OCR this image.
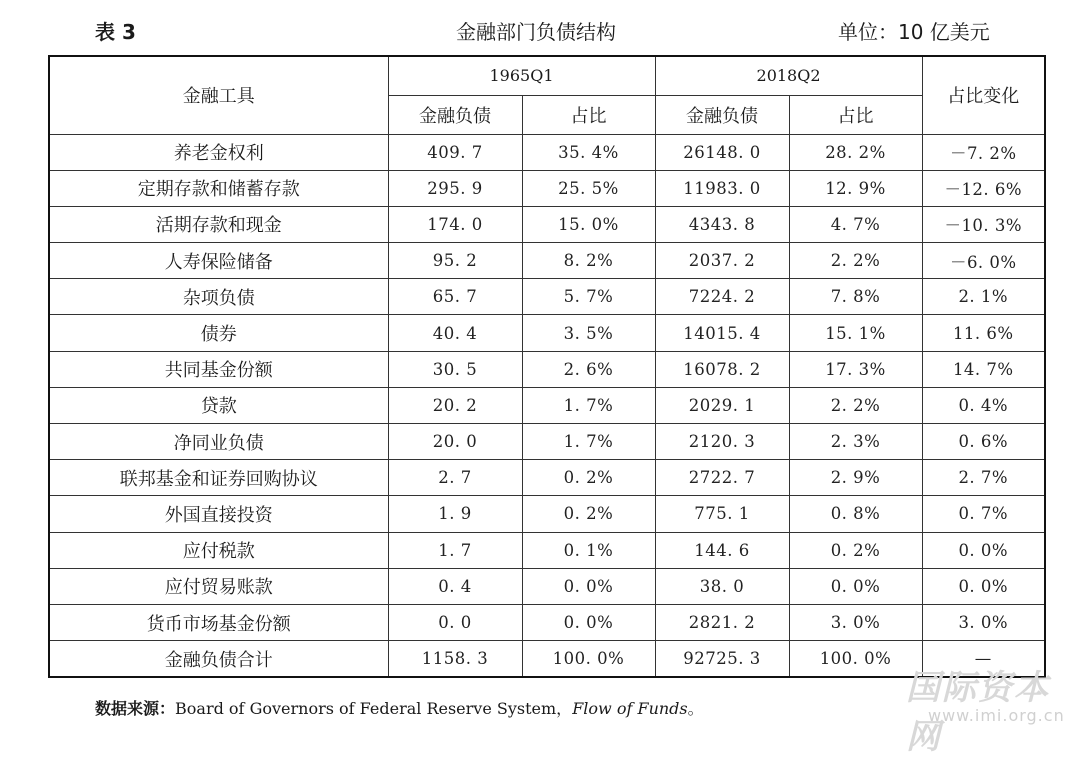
表 3	金融部门负债结构	单位：10 亿美元
金融工具	1965Q1		2018Q2		占比变化
	金融负债	占比	金融负债	占比	
养老金权利	409. 7	35. 4%	26148. 0	28. 2%	－7. 2%
定期存款和储蓄存款	295. 9	25. 5%	11983. 0	12. 9%	－12. 6%
活期存款和现金	174. 0	15. 0%	4343. 8	4. 7%	－10. 3%
人寿保险储备	95. 2	8. 2%	2037. 2	2. 2%	－6. 0%
杂项负债	65. 7	5. 7%	7224. 2	7. 8%	2. 1%
债券	40. 4	3. 5%	14015. 4	15. 1%	11. 6%
共同基金份额	30. 5	2. 6%	16078. 2	17. 3%	14. 7%
贷款	20. 2	1. 7%	2029. 1	2. 2%	0. 4%
净同业负债	20. 0	1. 7%	2120. 3	2. 3%	0. 6%
联邦基金和证券回购协议	2. 7	0. 2%	2722. 7	2. 9%	2. 7%
外国直接投资	1. 9	0. 2%	775. 1	0. 8%	0. 7%
应付税款	1. 7	0. 1%	144. 6	0. 2%	0. 0%
应付贸易账款	0. 4	0. 0%	38. 0	0. 0%	0. 0%
货币市场基金份额	0. 0	0. 0%	2821. 2	3. 0%	3. 0%
金融负债合计	1158. 3	100. 0%	92725. 3	100. 0%	—
数据来源：Board of Governors of Federal Reserve System，Flow of Funds。
国际资本网
www.imi.org.cn
